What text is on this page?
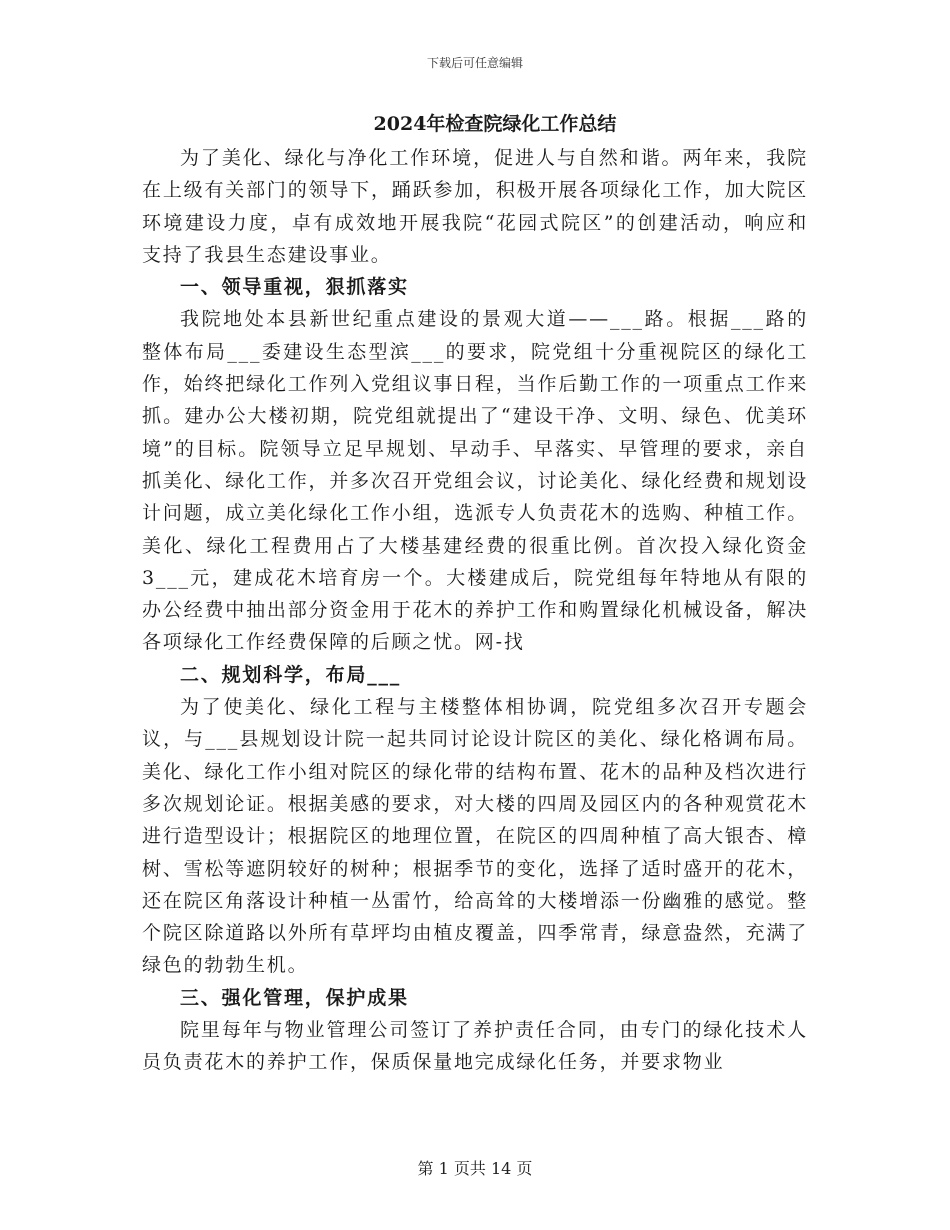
下载后可任意编辑
2024年检查院绿化工作总结

为了美化、绿化与净化工作环境，促进人与自然和谐。两年来，我院在上级有关部门的领导下，踊跃参加，积极开展各项绿化工作，加大院区环境建设力度，卓有成效地开展我院“花园式院区”的创建活动，响应和支持了我县生态建设事业。

一、领导重视，狠抓落实

我院地处本县新世纪重点建设的景观大道——___路。根据___路的整体布局___委建设生态型滨___的要求，院党组十分重视院区的绿化工作，始终把绿化工作列入党组议事日程，当作后勤工作的一项重点工作来抓。建办公大楼初期，院党组就提出了“建设干净、文明、绿色、优美环境”的目标。院领导立足早规划、早动手、早落实、早管理的要求，亲自抓美化、绿化工作，并多次召开党组会议，讨论美化、绿化经费和规划设计问题，成立美化绿化工作小组，选派专人负责花木的选购、种植工作。美化、绿化工程费用占了大楼基建经费的很重比例。首次投入绿化资金3___元，建成花木培育房一个。大楼建成后，院党组每年特地从有限的办公经费中抽出部分资金用于花木的养护工作和购置绿化机械设备，解决各项绿化工作经费保障的后顾之忧。网-找

二、规划科学，布局___

为了使美化、绿化工程与主楼整体相协调，院党组多次召开专题会议，与___县规划设计院一起共同讨论设计院区的美化、绿化格调布局。美化、绿化工作小组对院区的绿化带的结构布置、花木的品种及档次进行多次规划论证。根据美感的要求，对大楼的四周及园区内的各种观赏花木进行造型设计；根据院区的地理位置，在院区的四周种植了高大银杏、樟树、雪松等遮阴较好的树种；根据季节的变化，选择了适时盛开的花木，还在院区角落设计种植一丛雷竹，给高耸的大楼增添一份幽雅的感觉。整个院区除道路以外所有草坪均由植皮覆盖，四季常青，绿意盎然，充满了绿色的勃勃生机。

三、强化管理，保护成果

院里每年与物业管理公司签订了养护责任合同，由专门的绿化技术人员负责花木的养护工作，保质保量地完成绿化任务，并要求物业

第 1 页共 14 页
